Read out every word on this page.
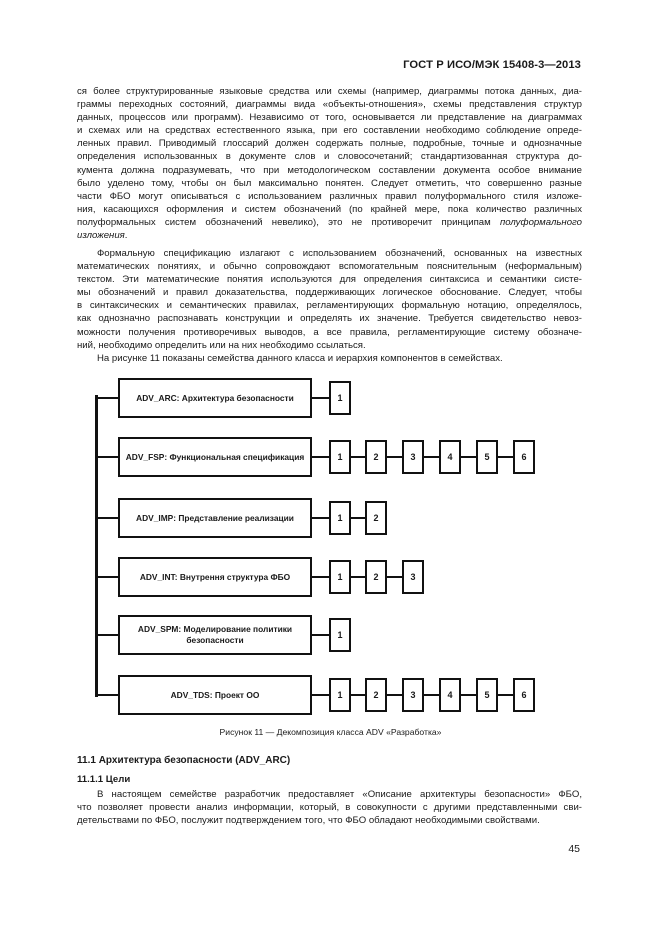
ГОСТ Р ИСО/МЭК 15408-3—2013
ся более структурированные языковые средства или схемы (например, диаграммы потока данных, диа-
граммы переходных состояний, диаграммы вида «объекты-отношения», схемы представления структур
данных, процессов или программ). Независимо от того, основывается ли представление на диаграммах
и схемах или на средствах естественного языка, при его составлении необходимо соблюдение опреде-
ленных правил. Приводимый глоссарий должен содержать полные, подробные, точные и однозначные
определения использованных в документе слов и словосочетаний; стандартизованная структура до-
кумента должна подразумевать, что при методологическом составлении документа особое внимание
было уделено тому, чтобы он был максимально понятен. Следует отметить, что совершенно разные
части ФБО могут описываться с использованием различных правил полуформального стиля изложе-
ния, касающихся оформления и систем обозначений (по крайней мере, пока количество различных
полуформальных систем обозначений невелико), это не противоречит принципам полуформального
изложения.
Формальную спецификацию излагают с использованием обозначений, основанных на известных
математических понятиях, и обычно сопровождают вспомогательным пояснительным (неформальным)
текстом. Эти математические понятия используются для определения синтаксиса и семантики систе-
мы обозначений и правил доказательства, поддерживающих логическое обоснование. Следует, чтобы
в синтаксических и семантических правилах, регламентирующих формальную нотацию, определялось,
как однозначно распознавать конструкции и определять их значение. Требуется свидетельство невоз-
можности получения противоречивых выводов, а все правила, регламентирующие систему обозначе-
ний, необходимо определить или на них необходимо ссылаться.
На рисунке 11 показаны семейства данного класса и иерархия компонентов в семействах.
ADV_ARC: Архитектура безопасности	1
ADV_FSP: Функциональная спецификация	1	2	3	4	5	6
ADV_IMP: Представление реализации	1	2
ADV_INT: Внутрення структура ФБО	1	2	3
ADV_SPM: Моделирование политики безопасности	1
ADV_TDS: Проект ОО	1	2	3	4	5	6
Рисунок 11 — Декомпозиция класса ADV «Разработка»
11.1 Архитектура безопасности (ADV_ARC)
11.1.1 Цели
В настоящем семействе разработчик предоставляет «Описание архитектуры безопасности» ФБО,
что позволяет провести анализ информации, который, в совокупности с другими представленными сви-
детельствами по ФБО, послужит подтверждением того, что ФБО обладают необходимыми свойствами.
45
